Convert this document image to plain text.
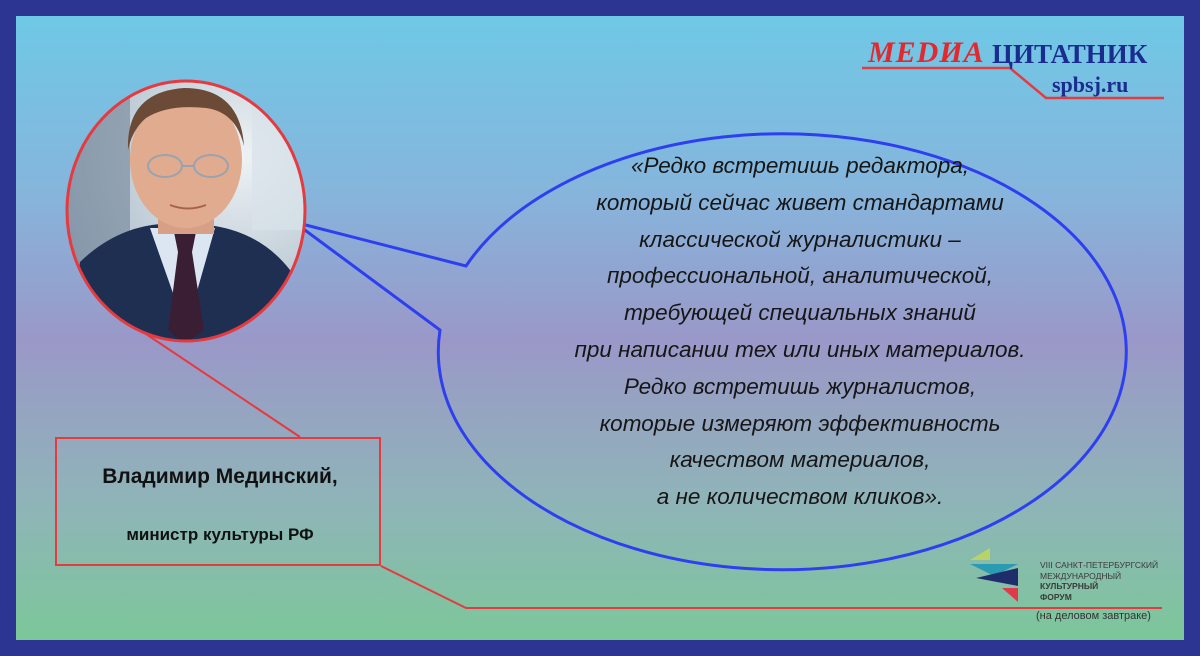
«Редко встретишь редактора,
который сейчас живет стандартами
классической журналистики –
профессиональной, аналитической,
требующей специальных знаний
при написании тех или иных материалов.
Редко встретишь журналистов,
которые измеряют эффективность
качеством материалов,
а не количеством кликов».
Владимир Мединский,
министр культуры РФ
MEDИА ЦИТАТНИК
spbsj.ru
VIII САНКТ-ПЕТЕРБУРГСКИЙ
МЕЖДУНАРОДНЫЙ
КУЛЬТУРНЫЙ
ФОРУМ
(на деловом завтраке)
